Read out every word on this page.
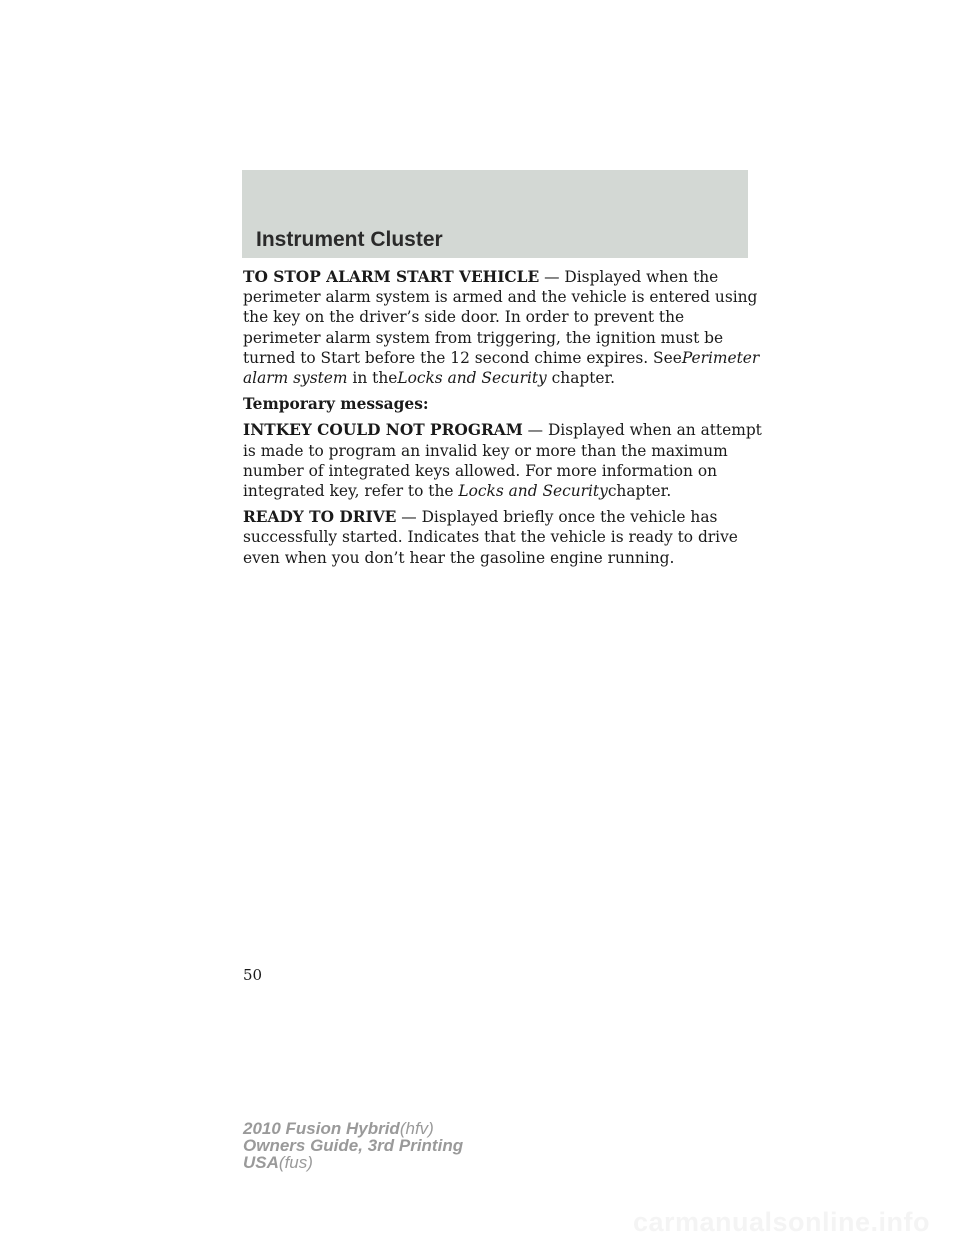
Instrument Cluster

TO STOP ALARM START VEHICLE — Displayed when the perimeter alarm system is armed and the vehicle is entered using the key on the driver’s side door. In order to prevent the perimeter alarm system from triggering, the ignition must be turned to Start before the 12 second chime expires. SeePerimeter alarm system in theLocks and Security chapter.

Temporary messages:

INTKEY COULD NOT PROGRAM — Displayed when an attempt is made to program an invalid key or more than the maximum number of integrated keys allowed. For more information on integrated key, refer to the Locks and Securitychapter.

READY TO DRIVE — Displayed briefly once the vehicle has successfully started. Indicates that the vehicle is ready to drive even when you don’t hear the gasoline engine running.

50
2010 Fusion Hybrid(hfv)
Owners Guide, 3rd Printing
USA(fus)
carmanualsonline.info
